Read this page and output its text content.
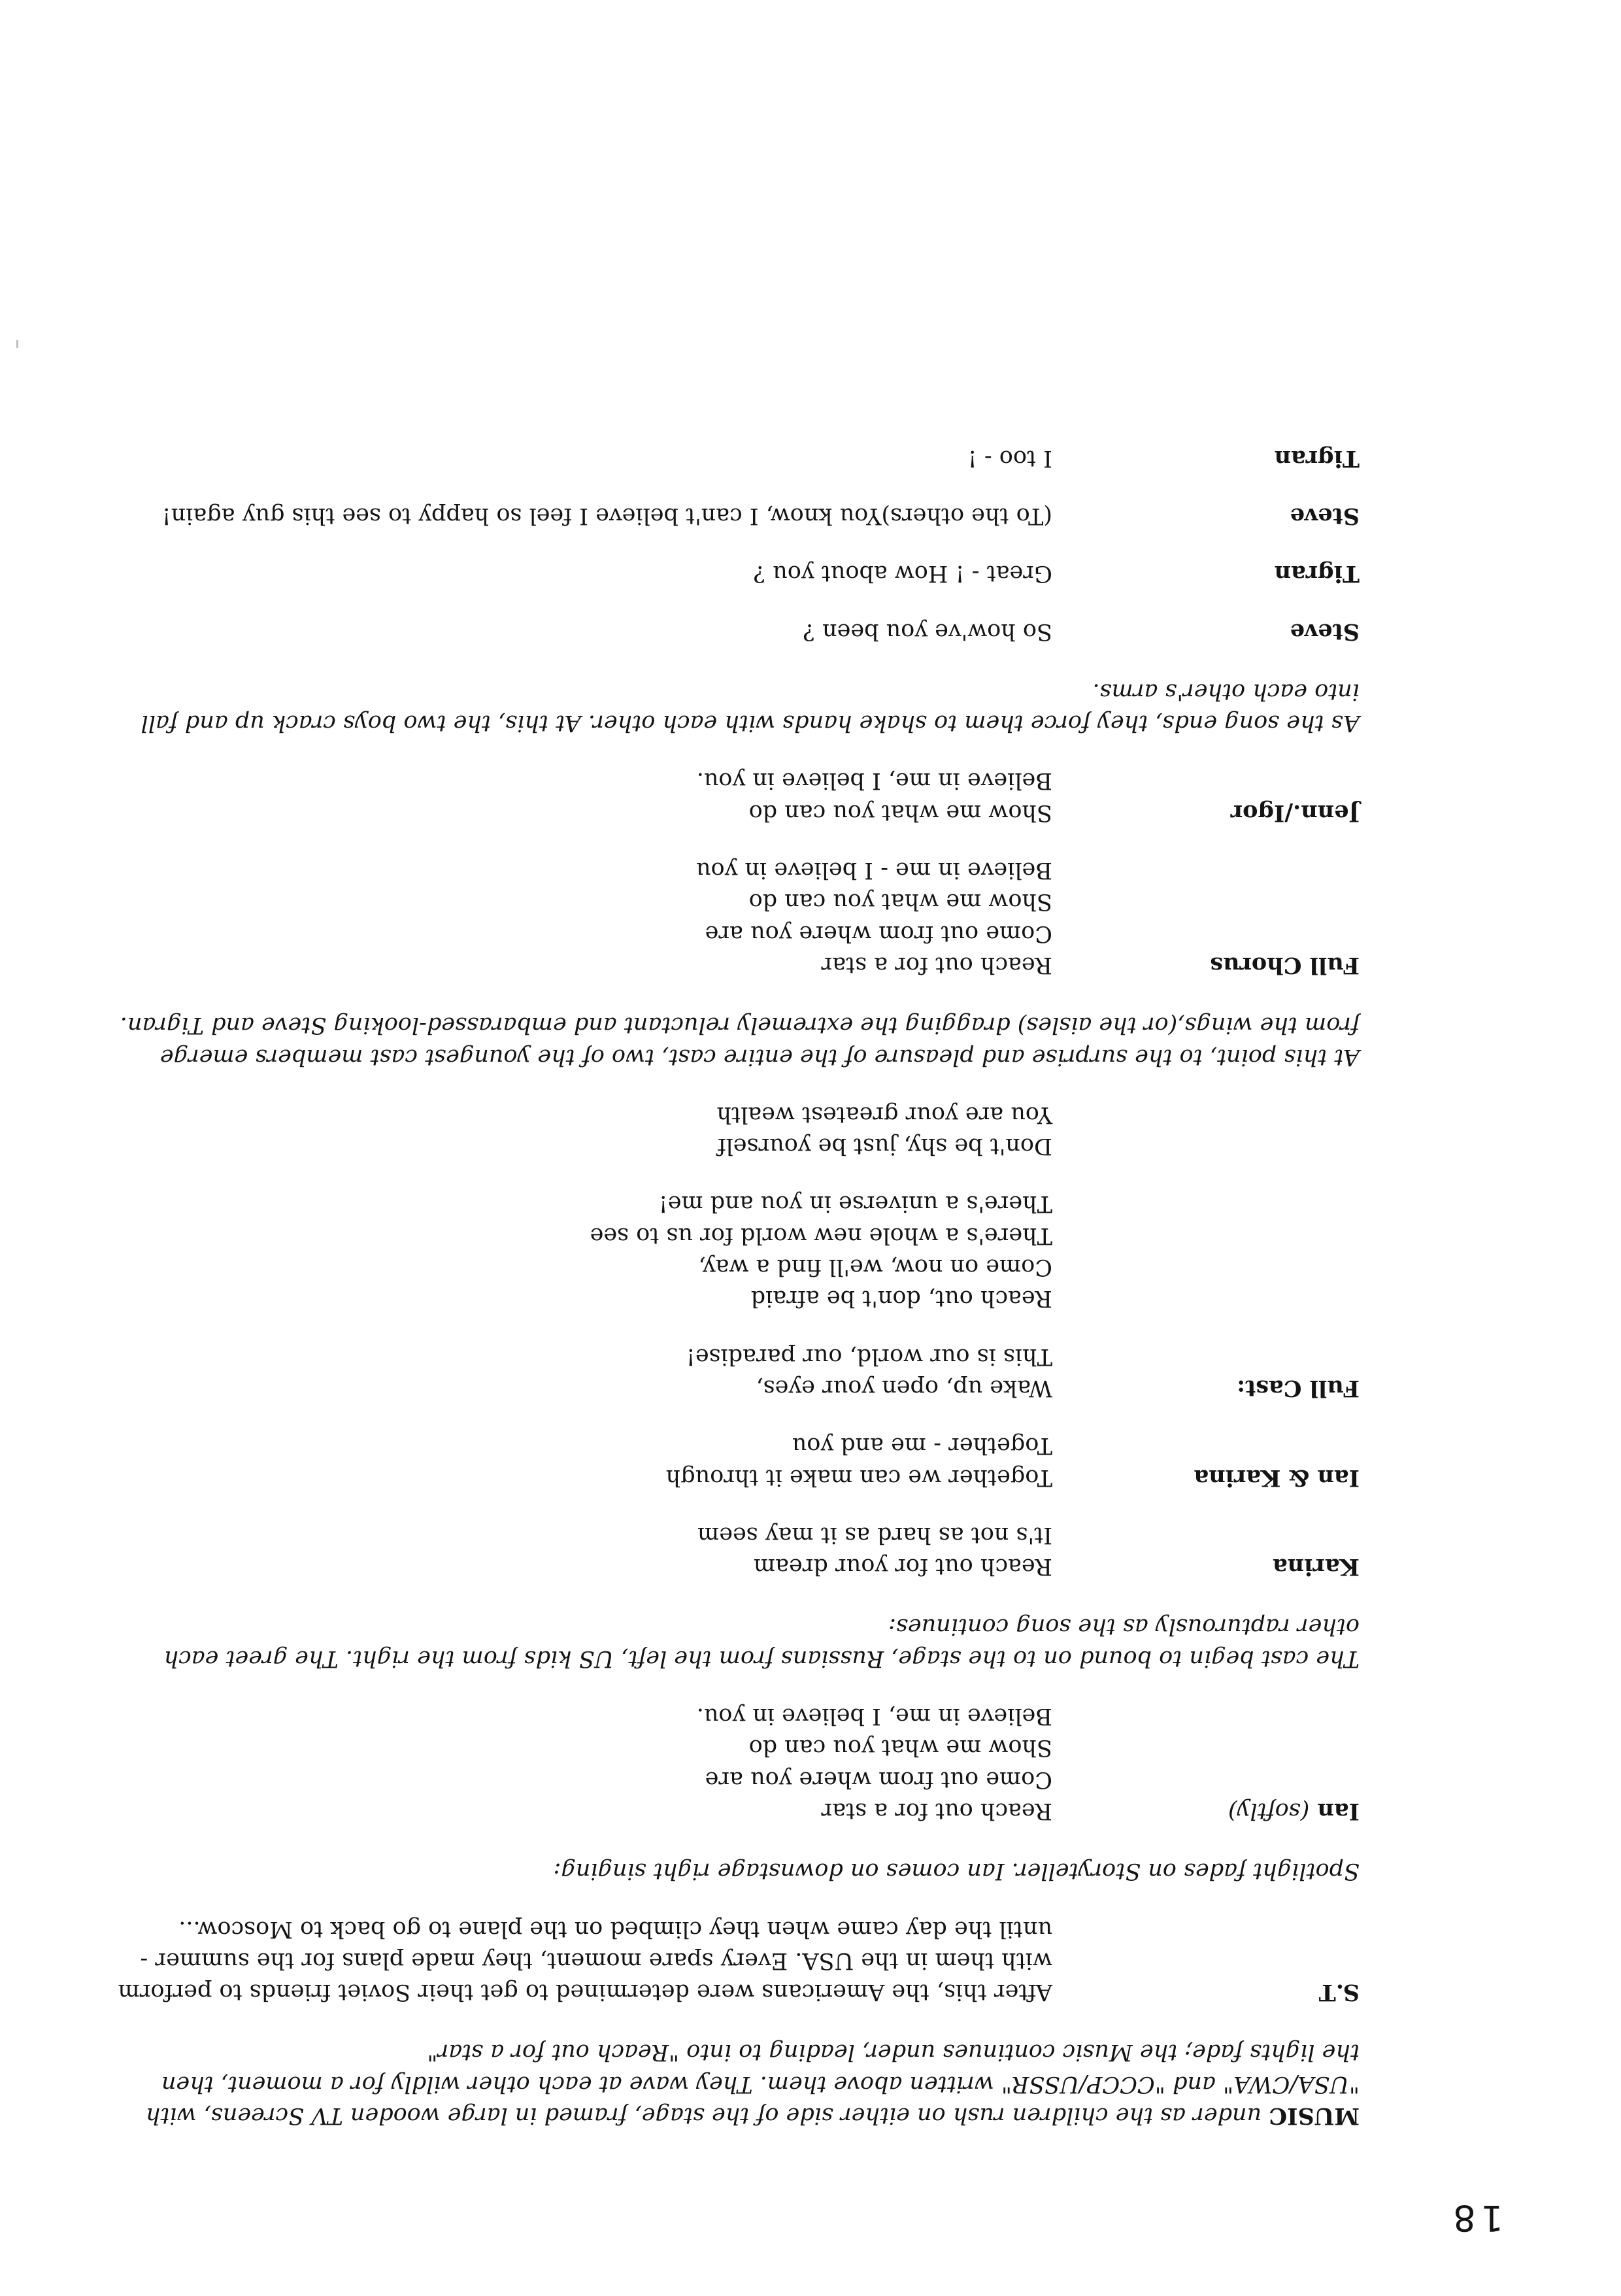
18

MUSIC under as the children rush on either side of the stage, framed in large wooden TV Screens, with "USA/CWA" and "CCCP/USSR" written above them. They wave at each other wildly for a moment, then the lights fade; the Music continues under, leading to into "Reach out for a star"

S.T
After this, the Americans were determined to get their Soviet friends to perform with them in the USA. Every spare moment, they made plans for the summer - until the day came when they climbed on the plane to go back to Moscow...

Spotlight fades on Storyteller. Ian comes on downstage right singing:

Ian (softly)
Reach out for a star
Come out from where you are
Show me what you can do
Believe in me, I believe in you.

The cast begin to bound on to the stage, Russians from the left, US kids from the right. The greet each other rapturously as the song continues:

Karina
Reach out for your dream
It's not as hard as it may seem
Ian & Karina
Together we can make it through
Together - me and you
Full Cast:
Wake up, open your eyes,
This is our world, our paradise!
Reach out, don't be afraid
Come on now, we'll find a way,
There's a whole new world for us to see
There's a universe in you and me!
Don't be shy, just be yourself
You are your greatest wealth

At this point, to the surprise and pleasure of the entire cast, two of the youngest cast members emerge from the wings,(or the aisles) dragging the extremely reluctant and embarassed-looking Steve and Tigran.

Full Chorus
Reach out for a star
Come out from where you are
Show me what you can do
Believe in me - I believe in you
Jenn./Igor
Show me what you can do
Believe in me, I believe in you.

As the song ends, they force them to shake hands with each other. At this, the two boys crack up and fall into each other's arms.

Steve
So how've you been ?
Tigran
Great - ! How about you ?
Steve
(To the others)You know, I can't believe I feel so happy to see this guy again!
Tigran
I too - !
